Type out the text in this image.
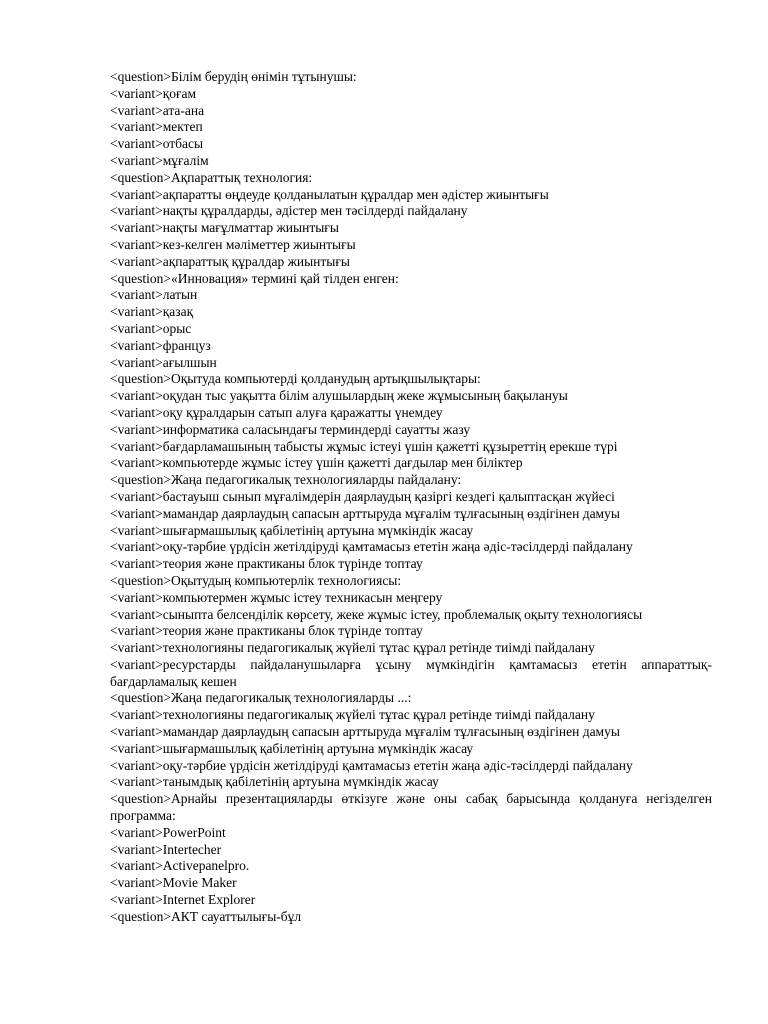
<question>Білім берудің өнімін тұтынушы:
<variant>қоғам
<variant>ата-ана
<variant>мектеп
<variant>отбасы
<variant>мұғалім
<question>Ақпараттық технология:
<variant>ақпаратты өңдеуде қолданылатын құралдар мен әдістер жиынтығы
<variant>нақты құралдарды, әдістер мен тәсілдерді пайдалану
<variant>нақты мағұлматтар жиынтығы
<variant>кез-келген мәліметтер жиынтығы
<variant>ақпараттық құралдар жиынтығы
<question>«Инновация» термині қай тілден енген:
<variant>латын
<variant>қазақ
<variant>орыс
<variant>француз
<variant>ағылшын
<question>Оқытуда компьютерді қолданудың артықшылықтары:
<variant>оқудан тыс уақытта білім алушылардың жеке жұмысының бақылануы
<variant>оқу құралдарын сатып алуға қаражатты үнемдеу
<variant>информатика саласындағы терминдерді сауатты жазу
<variant>бағдарламашының табысты жұмыс істеуі үшін қажетті құзыреттің ерекше түрі
<variant>компьютерде жұмыс істеу үшін қажетті дағдылар мен біліктер
<question>Жаңа педагогикалық технологияларды пайдалану:
<variant>бастауыш сынып мұғалімдерін даярлаудың қазіргі кездегі қалыптасқан жүйесі
<variant>мамандар даярлаудың сапасын арттыруда мұғалім тұлғасының өздігінен дамуы
<variant>шығармашылық қабілетінің артуына мүмкіндік жасау
<variant>оқу-тәрбие үрдісін жетілдіруді қамтамасыз ететін жаңа әдіс-тәсілдерді пайдалану
<variant>теория және практиканы блок түрінде топтау
<question>Оқытудың компьютерлік технологиясы:
<variant>компьютермен жұмыс істеу техникасын меңгеру
<variant>сыныпта белсенділік көрсету, жеке жұмыс істеу, проблемалық оқыту технологиясы
<variant>теория және практиканы блок түрінде топтау
<variant>технологияны педагогикалық жүйелі тұтас құрал ретінде тиімді пайдалану
<variant>ресурстарды пайдаланушыларға ұсыну мүмкіндігін қамтамасыз ететін аппараттық-бағдарламалық кешен
<question>Жаңа педагогикалық технологияларды ...:
<variant>технологияны педагогикалық жүйелі тұтас құрал ретінде тиімді пайдалану
<variant>мамандар даярлаудың сапасын арттыруда мұғалім тұлғасының өздігінен дамуы
<variant>шығармашылық қабілетінің артуына мүмкіндік жасау
<variant>оқу-тәрбие үрдісін жетілдіруді қамтамасыз ететін жаңа әдіс-тәсілдерді пайдалану
<variant>танымдық қабілетінің артуына мүмкіндік жасау
<question>Арнайы презентацияларды өткізуге және оны сабақ барысында қолдануға негізделген программа:
<variant>PowerPoint
<variant>Intertecher
<variant>Activepanelpro.
<variant>Movie Maker
<variant>Internet Explorer
<question>АКТ сауаттылығы-бұл
